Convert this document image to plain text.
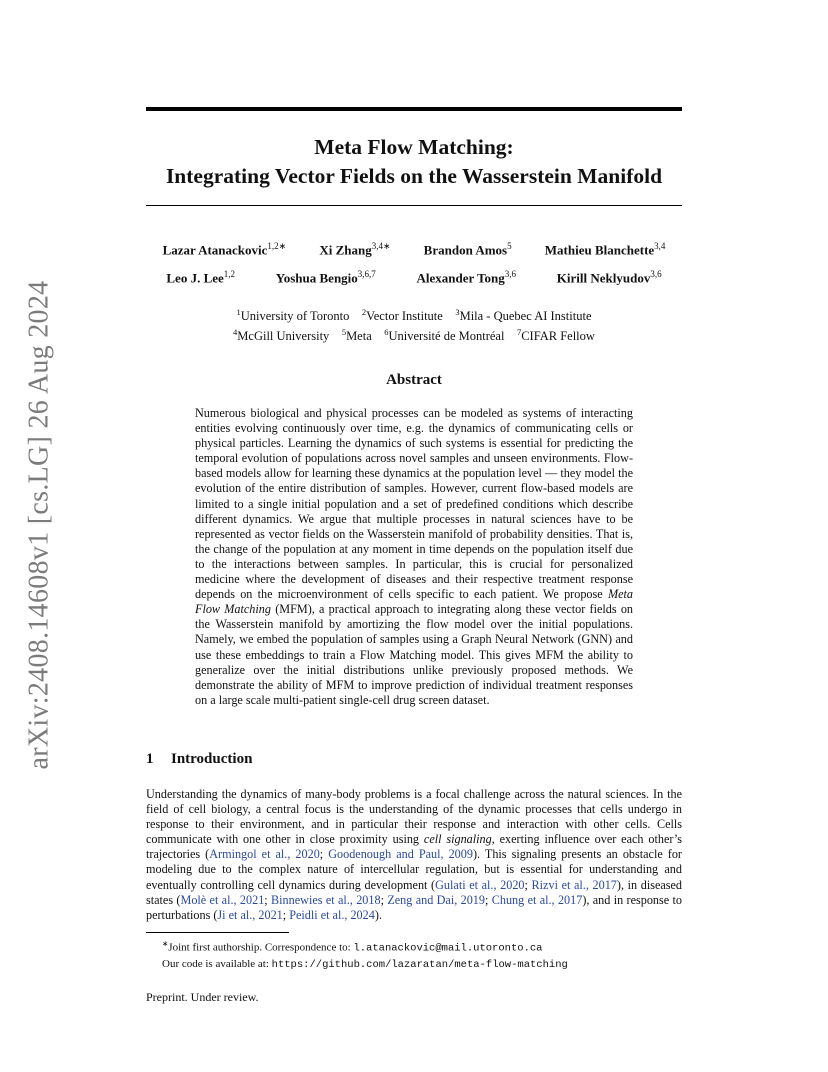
arXiv:2408.14608v1 [cs.LG] 26 Aug 2024
Meta Flow Matching:
Integrating Vector Fields on the Wasserstein Manifold
Lazar Atanackovic$^{1,2∗}$	Xi Zhang$^{3,4∗}$	Brandon Amos$^5$	Mathieu Blanchette$^{3,4}$
Leo J. Lee$^{1,2}$	Yoshua Bengio$^{3,6,7}$	Alexander Tong$^{3,6}$	Kirill Neklyudov$^{3,6}$
$^1$University of Toronto $^2$Vector Institute $^3$Mila - Quebec AI Institute
$^4$McGill University $^5$Meta $^6$Université de Montréal $^7$CIFAR Fellow
Abstract
Numerous biological and physical processes can be modeled as systems of interacting entities evolving continuously over time, e.g. the dynamics of communicating cells or physical particles. Learning the dynamics of such systems is essential for predicting the temporal evolution of populations across novel samples and unseen environments. Flow-based models allow for learning these dynamics at the population level — they model the evolution of the entire distribution of samples. However, current flow-based models are limited to a single initial population and a set of predefined conditions which describe different dynamics. We argue that multiple processes in natural sciences have to be represented as vector fields on the Wasserstein manifold of probability densities. That is, the change of the population at any moment in time depends on the population itself due to the interactions between samples. In particular, this is crucial for personalized medicine where the development of diseases and their respective treatment response depends on the microenvironment of cells specific to each patient. We propose Meta Flow Matching (MFM), a practical approach to integrating along these vector fields on the Wasserstein manifold by amortizing the flow model over the initial populations. Namely, we embed the population of samples using a Graph Neural Network (GNN) and use these embeddings to train a Flow Matching model. This gives MFM the ability to generalize over the initial distributions unlike previously proposed methods. We demonstrate the ability of MFM to improve prediction of individual treatment responses on a large scale multi-patient single-cell drug screen dataset.
1 Introduction
Understanding the dynamics of many-body problems is a focal challenge across the natural sciences. In the field of cell biology, a central focus is the understanding of the dynamic processes that cells undergo in response to their environment, and in particular their response and interaction with other cells. Cells communicate with one other in close proximity using cell signaling, exerting influence over each other’s trajectories (Armingol et al., 2020; Goodenough and Paul, 2009). This signaling presents an obstacle for modeling due to the complex nature of intercellular regulation, but is essential for understanding and eventually controlling cell dynamics during development (Gulati et al., 2020; Rizvi et al., 2017), in diseased states (Molè et al., 2021; Binnewies et al., 2018; Zeng and Dai, 2019; Chung et al., 2017), and in response to perturbations (Ji et al., 2021; Peidli et al., 2024).
∗Joint first authorship. Correspondence to: l.atanackovic@mail.utoronto.ca
Our code is available at: https://github.com/lazaratan/meta-flow-matching
Preprint. Under review.
